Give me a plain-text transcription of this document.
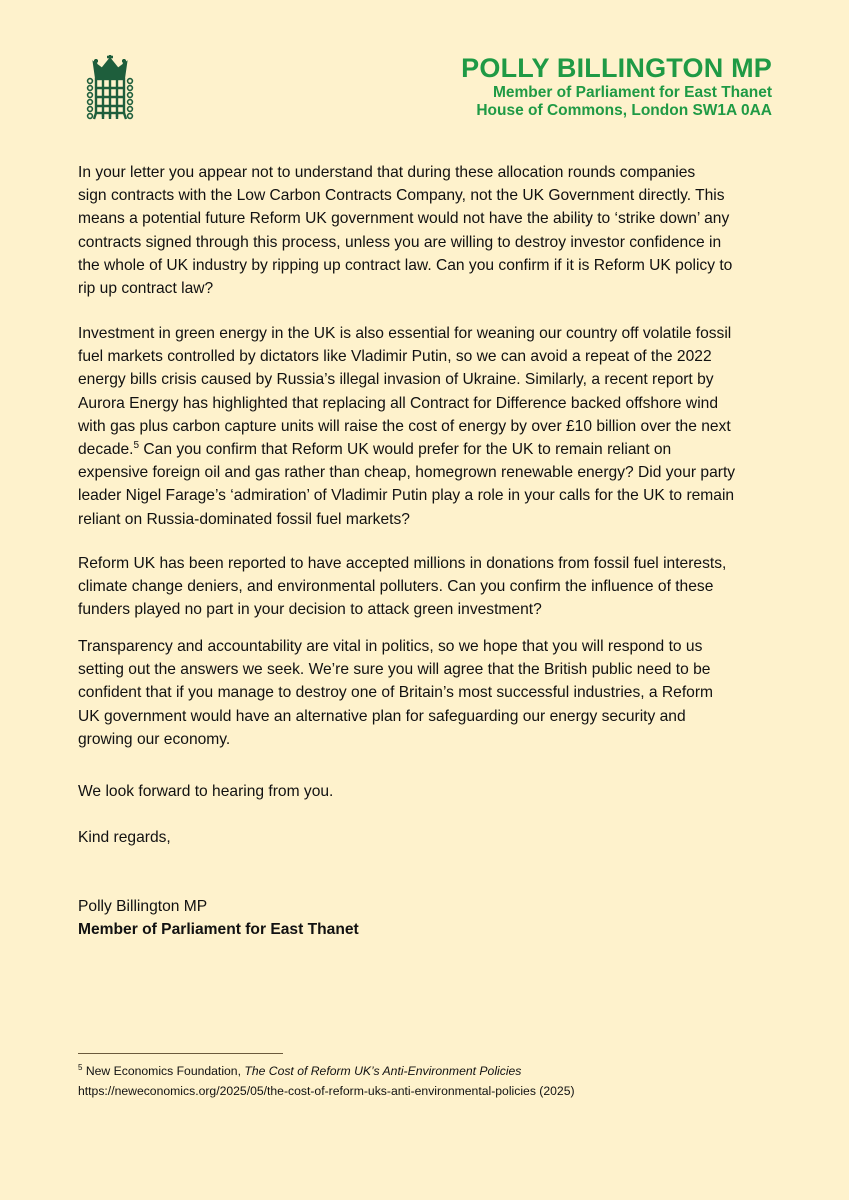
POLLY BILLINGTON MP
Member of Parliament for East Thanet
House of Commons, London SW1A 0AA
In your letter you appear not to understand that during these allocation rounds companies
sign contracts with the Low Carbon Contracts Company, not the UK Government directly. This
means a potential future Reform UK government would not have the ability to ‘strike down’ any
contracts signed through this process, unless you are willing to destroy investor confidence in
the whole of UK industry by ripping up contract law. Can you confirm if it is Reform UK policy to
rip up contract law?
Investment in green energy in the UK is also essential for weaning our country off volatile fossil
fuel markets controlled by dictators like Vladimir Putin, so we can avoid a repeat of the 2022
energy bills crisis caused by Russia’s illegal invasion of Ukraine. Similarly, a recent report by
Aurora Energy has highlighted that replacing all Contract for Difference backed offshore wind
with gas plus carbon capture units will raise the cost of energy by over £10 billion over the next
decade.$^5$ Can you confirm that Reform UK would prefer for the UK to remain reliant on
expensive foreign oil and gas rather than cheap, homegrown renewable energy? Did your party
leader Nigel Farage’s ‘admiration’ of Vladimir Putin play a role in your calls for the UK to remain
reliant on Russia-dominated fossil fuel markets?
Reform UK has been reported to have accepted millions in donations from fossil fuel interests,
climate change deniers, and environmental polluters. Can you confirm the influence of these
funders played no part in your decision to attack green investment?
Transparency and accountability are vital in politics, so we hope that you will respond to us
setting out the answers we seek. We’re sure you will agree that the British public need to be
confident that if you manage to destroy one of Britain’s most successful industries, a Reform
UK government would have an alternative plan for safeguarding our energy security and
growing our economy.
We look forward to hearing from you.
Kind regards,
Polly Billington MP
Member of Parliament for East Thanet
$^5$ New Economics Foundation, The Cost of Reform UK’s Anti-Environment Policies
https://neweconomics.org/2025/05/the-cost-of-reform-uks-anti-environmental-policies (2025)
